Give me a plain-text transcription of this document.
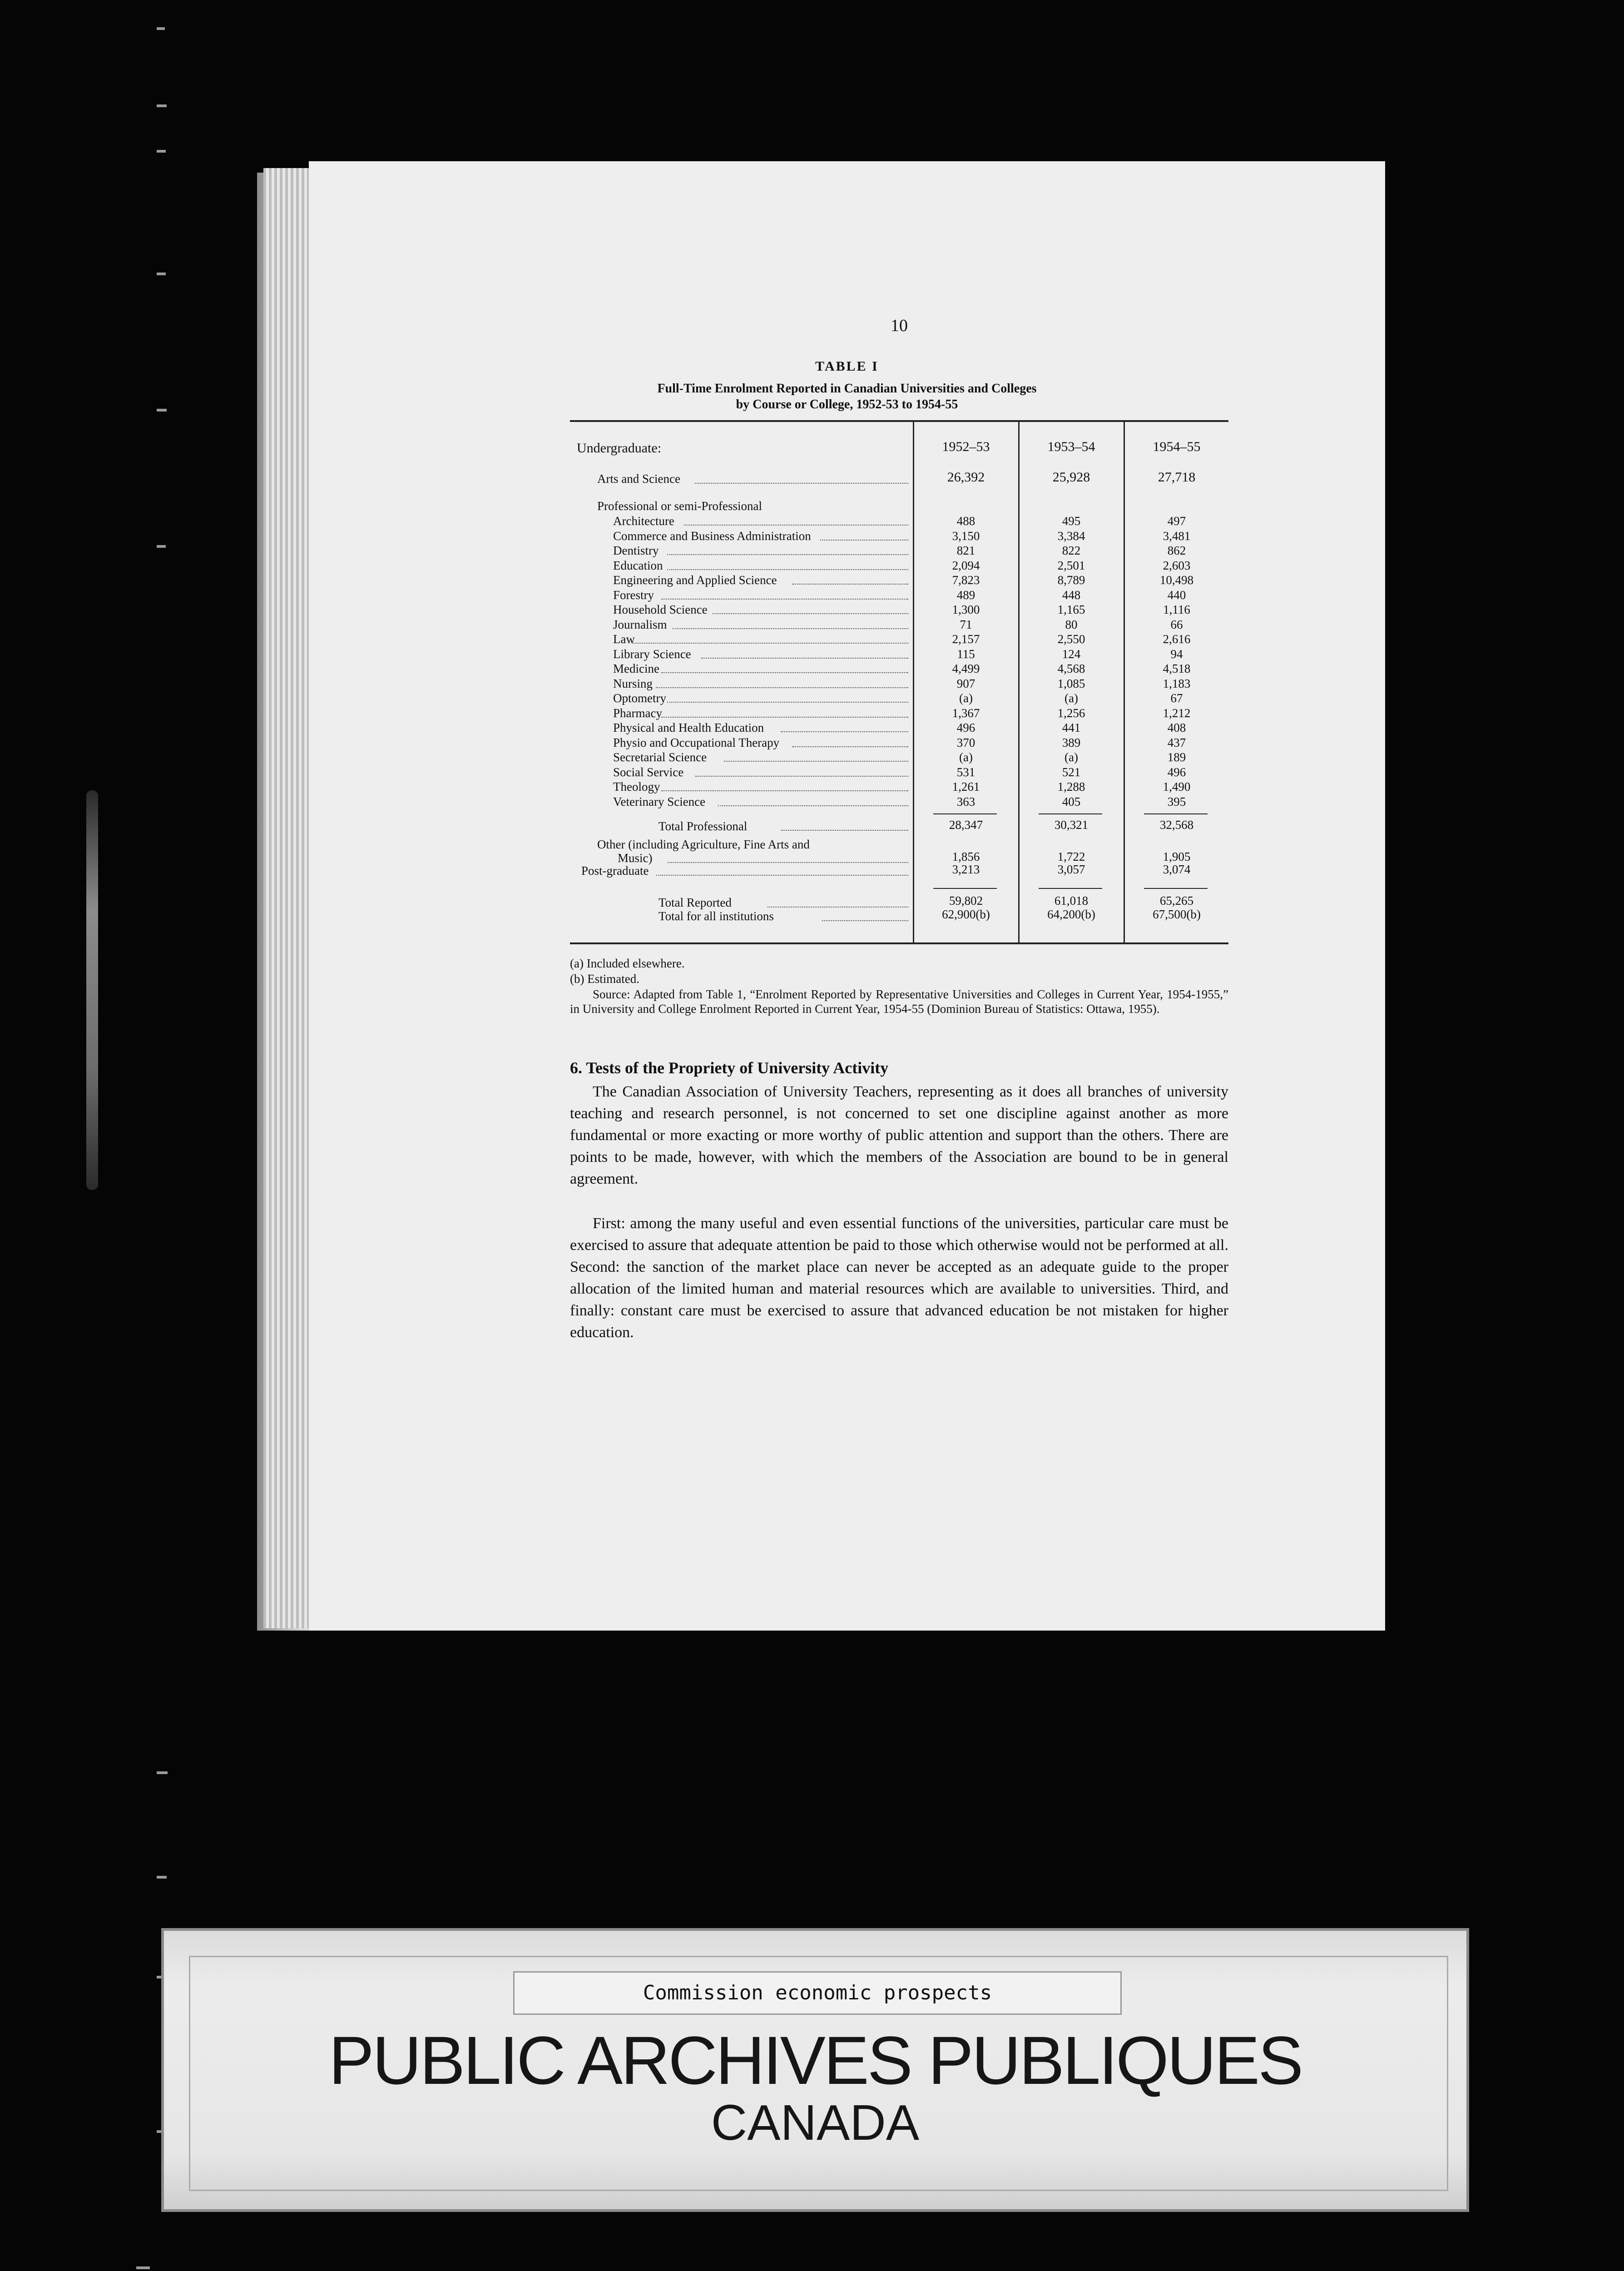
10
TABLE I
Full-Time Enrolment Reported in Canadian Universities and Colleges
by Course or College, 1952-53 to 1954-55
Undergraduate:	1952–53	1953–54	1954–55
Arts and Science	26,392	25,928	27,718
Professional or semi-Professional
Architecture	488	495	497
Commerce and Business Administration	3,150	3,384	3,481
Dentistry	821	822	862
Education	2,094	2,501	2,603
Engineering and Applied Science	7,823	8,789	10,498
Forestry	489	448	440
Household Science	1,300	1,165	1,116
Journalism	71	80	66
Law	2,157	2,550	2,616
Library Science	115	124	94
Medicine	4,499	4,568	4,518
Nursing	907	1,085	1,183
Optometry	(a)	(a)	67
Pharmacy	1,367	1,256	1,212
Physical and Health Education	496	441	408
Physio and Occupational Therapy	370	389	437
Secretarial Science	(a)	(a)	189
Social Service	531	521	496
Theology	1,261	1,288	1,490
Veterinary Science	363	405	395
Total Professional	28,347	30,321	32,568
Other (including Agriculture, Fine Arts and
Music)	1,856	1,722	1,905
Post-graduate	3,213	3,057	3,074
Total Reported	59,802	61,018	65,265
Total for all institutions	62,900(b)	64,200(b)	67,500(b)
(a) Included elsewhere.
(b) Estimated.
Source: Adapted from Table 1, “Enrolment Reported by Representative Universities and Colleges in Current Year, 1954-1955,” in University and College Enrolment Reported in Current Year, 1954-55 (Dominion Bureau of Statistics: Ottawa, 1955).
6. Tests of the Propriety of University Activity
The Canadian Association of University Teachers, representing as it does all branches of university teaching and research personnel, is not concerned to set one discipline against another as more fundamental or more exacting or more worthy of public attention and support than the others. There are points to be made, however, with which the members of the Association are bound to be in general agreement.
First: among the many useful and even essential functions of the universities, particular care must be exercised to assure that adequate attention be paid to those which otherwise would not be performed at all. Second: the sanction of the market place can never be accepted as an adequate guide to the proper allocation of the limited human and material resources which are available to universities. Third, and finally: constant care must be exercised to assure that advanced education be not mistaken for higher education.
Commission economic prospects
PUBLIC ARCHIVES PUBLIQUES
CANADA
